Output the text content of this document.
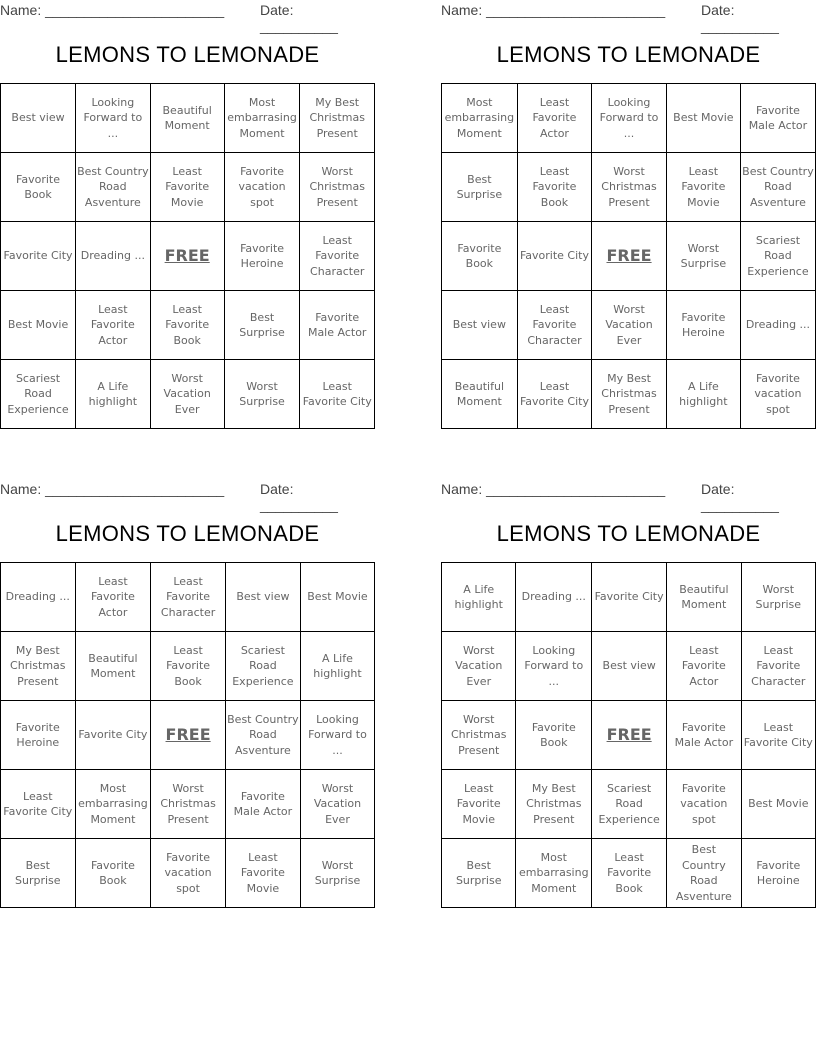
Name: _______________________	Date: __________
LEMONS TO LEMONADE
Best view	Looking Forward to ...	Beautiful Moment	Most embarrasing Moment	My Best Christmas Present
Favorite Book	Best Country Road Asventure	Least Favorite Movie	Favorite vacation spot	Worst Christmas Present
Favorite City	Dreading ...	FREE	Favorite Heroine	Least Favorite Character
Best Movie	Least Favorite Actor	Least Favorite Book	Best Surprise	Favorite Male Actor
Scariest Road Experience	A Life highlight	Worst Vacation Ever	Worst Surprise	Least Favorite City
Name: _______________________	Date: __________
LEMONS TO LEMONADE
Most embarrasing Moment	Least Favorite Actor	Looking Forward to ...	Best Movie	Favorite Male Actor
Best Surprise	Least Favorite Book	Worst Christmas Present	Least Favorite Movie	Best Country Road Asventure
Favorite Book	Favorite City	FREE	Worst Surprise	Scariest Road Experience
Best view	Least Favorite Character	Worst Vacation Ever	Favorite Heroine	Dreading ...
Beautiful Moment	Least Favorite City	My Best Christmas Present	A Life highlight	Favorite vacation spot
Name: _______________________	Date: __________
LEMONS TO LEMONADE
Dreading ...	Least Favorite Actor	Least Favorite Character	Best view	Best Movie
My Best Christmas Present	Beautiful Moment	Least Favorite Book	Scariest Road Experience	A Life highlight
Favorite Heroine	Favorite City	FREE	Best Country Road Asventure	Looking Forward to ...
Least Favorite City	Most embarrasing Moment	Worst Christmas Present	Favorite Male Actor	Worst Vacation Ever
Best Surprise	Favorite Book	Favorite vacation spot	Least Favorite Movie	Worst Surprise
Name: _______________________	Date: __________
LEMONS TO LEMONADE
A Life highlight	Dreading ...	Favorite City	Beautiful Moment	Worst Surprise
Worst Vacation Ever	Looking Forward to ...	Best view	Least Favorite Actor	Least Favorite Character
Worst Christmas Present	Favorite Book	FREE	Favorite Male Actor	Least Favorite City
Least Favorite Movie	My Best Christmas Present	Scariest Road Experience	Favorite vacation spot	Best Movie
Best Surprise	Most embarrasing Moment	Least Favorite Book	Best Country Road Asventure	Favorite Heroine
